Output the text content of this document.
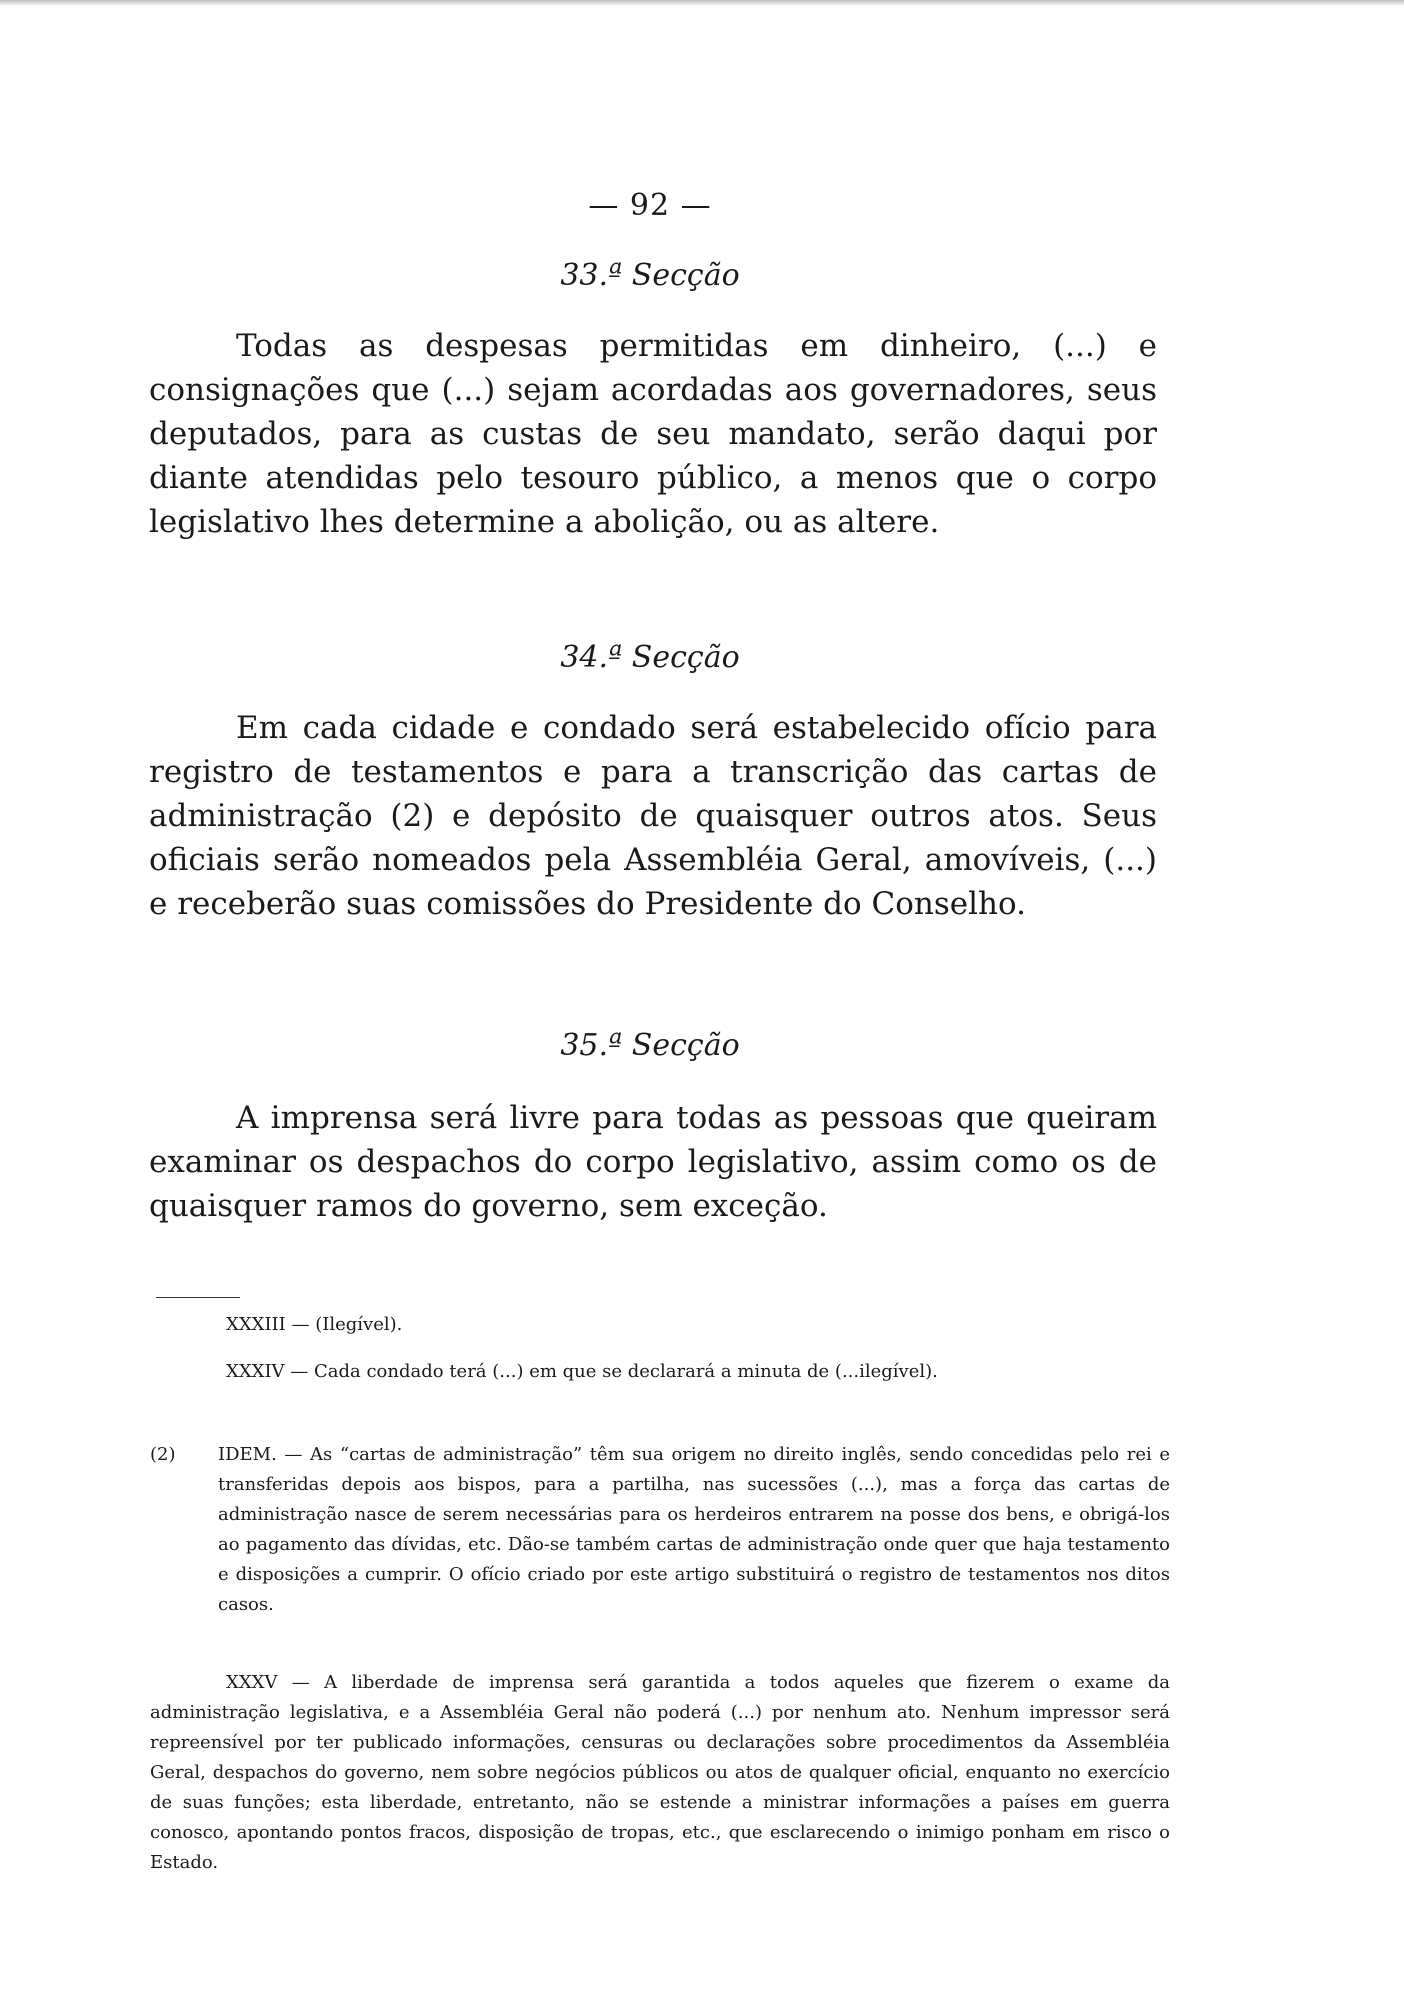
— 92 —
33.ª Secção

Todas as despesas permitidas em dinheiro, (...) e consignações que (...) sejam acordadas aos governadores, seus deputados, para as custas de seu mandato, serão daqui por diante atendidas pelo tesouro público, a menos que o corpo legislativo lhes determine a abolição, ou as altere.

34.ª Secção

Em cada cidade e condado será estabelecido ofício para registro de testamentos e para a transcrição das cartas de administração (2) e depósito de quaisquer outros atos. Seus oficiais serão nomeados pela Assembléia Geral, amovíveis, (...) e receberão suas comissões do Presidente do Conselho.

35.ª Secção

A imprensa será livre para todas as pessoas que queiram examinar os despachos do corpo legislativo, assim como os de quaisquer ramos do governo, sem exceção.

XXXIII — (Ilegível).

XXXIV — Cada condado terá (...) em que se declarará a minuta de (...ilegível).

(2) IDEM. — As “cartas de administração” têm sua origem no direito inglês, sendo concedidas pelo rei e transferidas depois aos bispos, para a partilha, nas sucessões (...), mas a força das cartas de administração nasce de serem necessárias para os herdeiros entrarem na posse dos bens, e obrigá-los ao pagamento das dívidas, etc. Dão-se também cartas de administração onde quer que haja testamento e disposições a cumprir. O ofício criado por este artigo substituirá o registro de testamentos nos ditos casos.

XXXV — A liberdade de imprensa será garantida a todos aqueles que fizerem o exame da administração legislativa, e a Assembléia Geral não poderá (...) por nenhum ato. Nenhum impressor será repreensível por ter publicado informações, censuras ou declarações sobre procedimentos da Assembléia Geral, despachos do governo, nem sobre negócios públicos ou atos de qualquer oficial, enquanto no exercício de suas funções; esta liberdade, entretanto, não se estende a ministrar informações a países em guerra conosco, apontando pontos fracos, disposição de tropas, etc., que esclarecendo o inimigo ponham em risco o Estado.
